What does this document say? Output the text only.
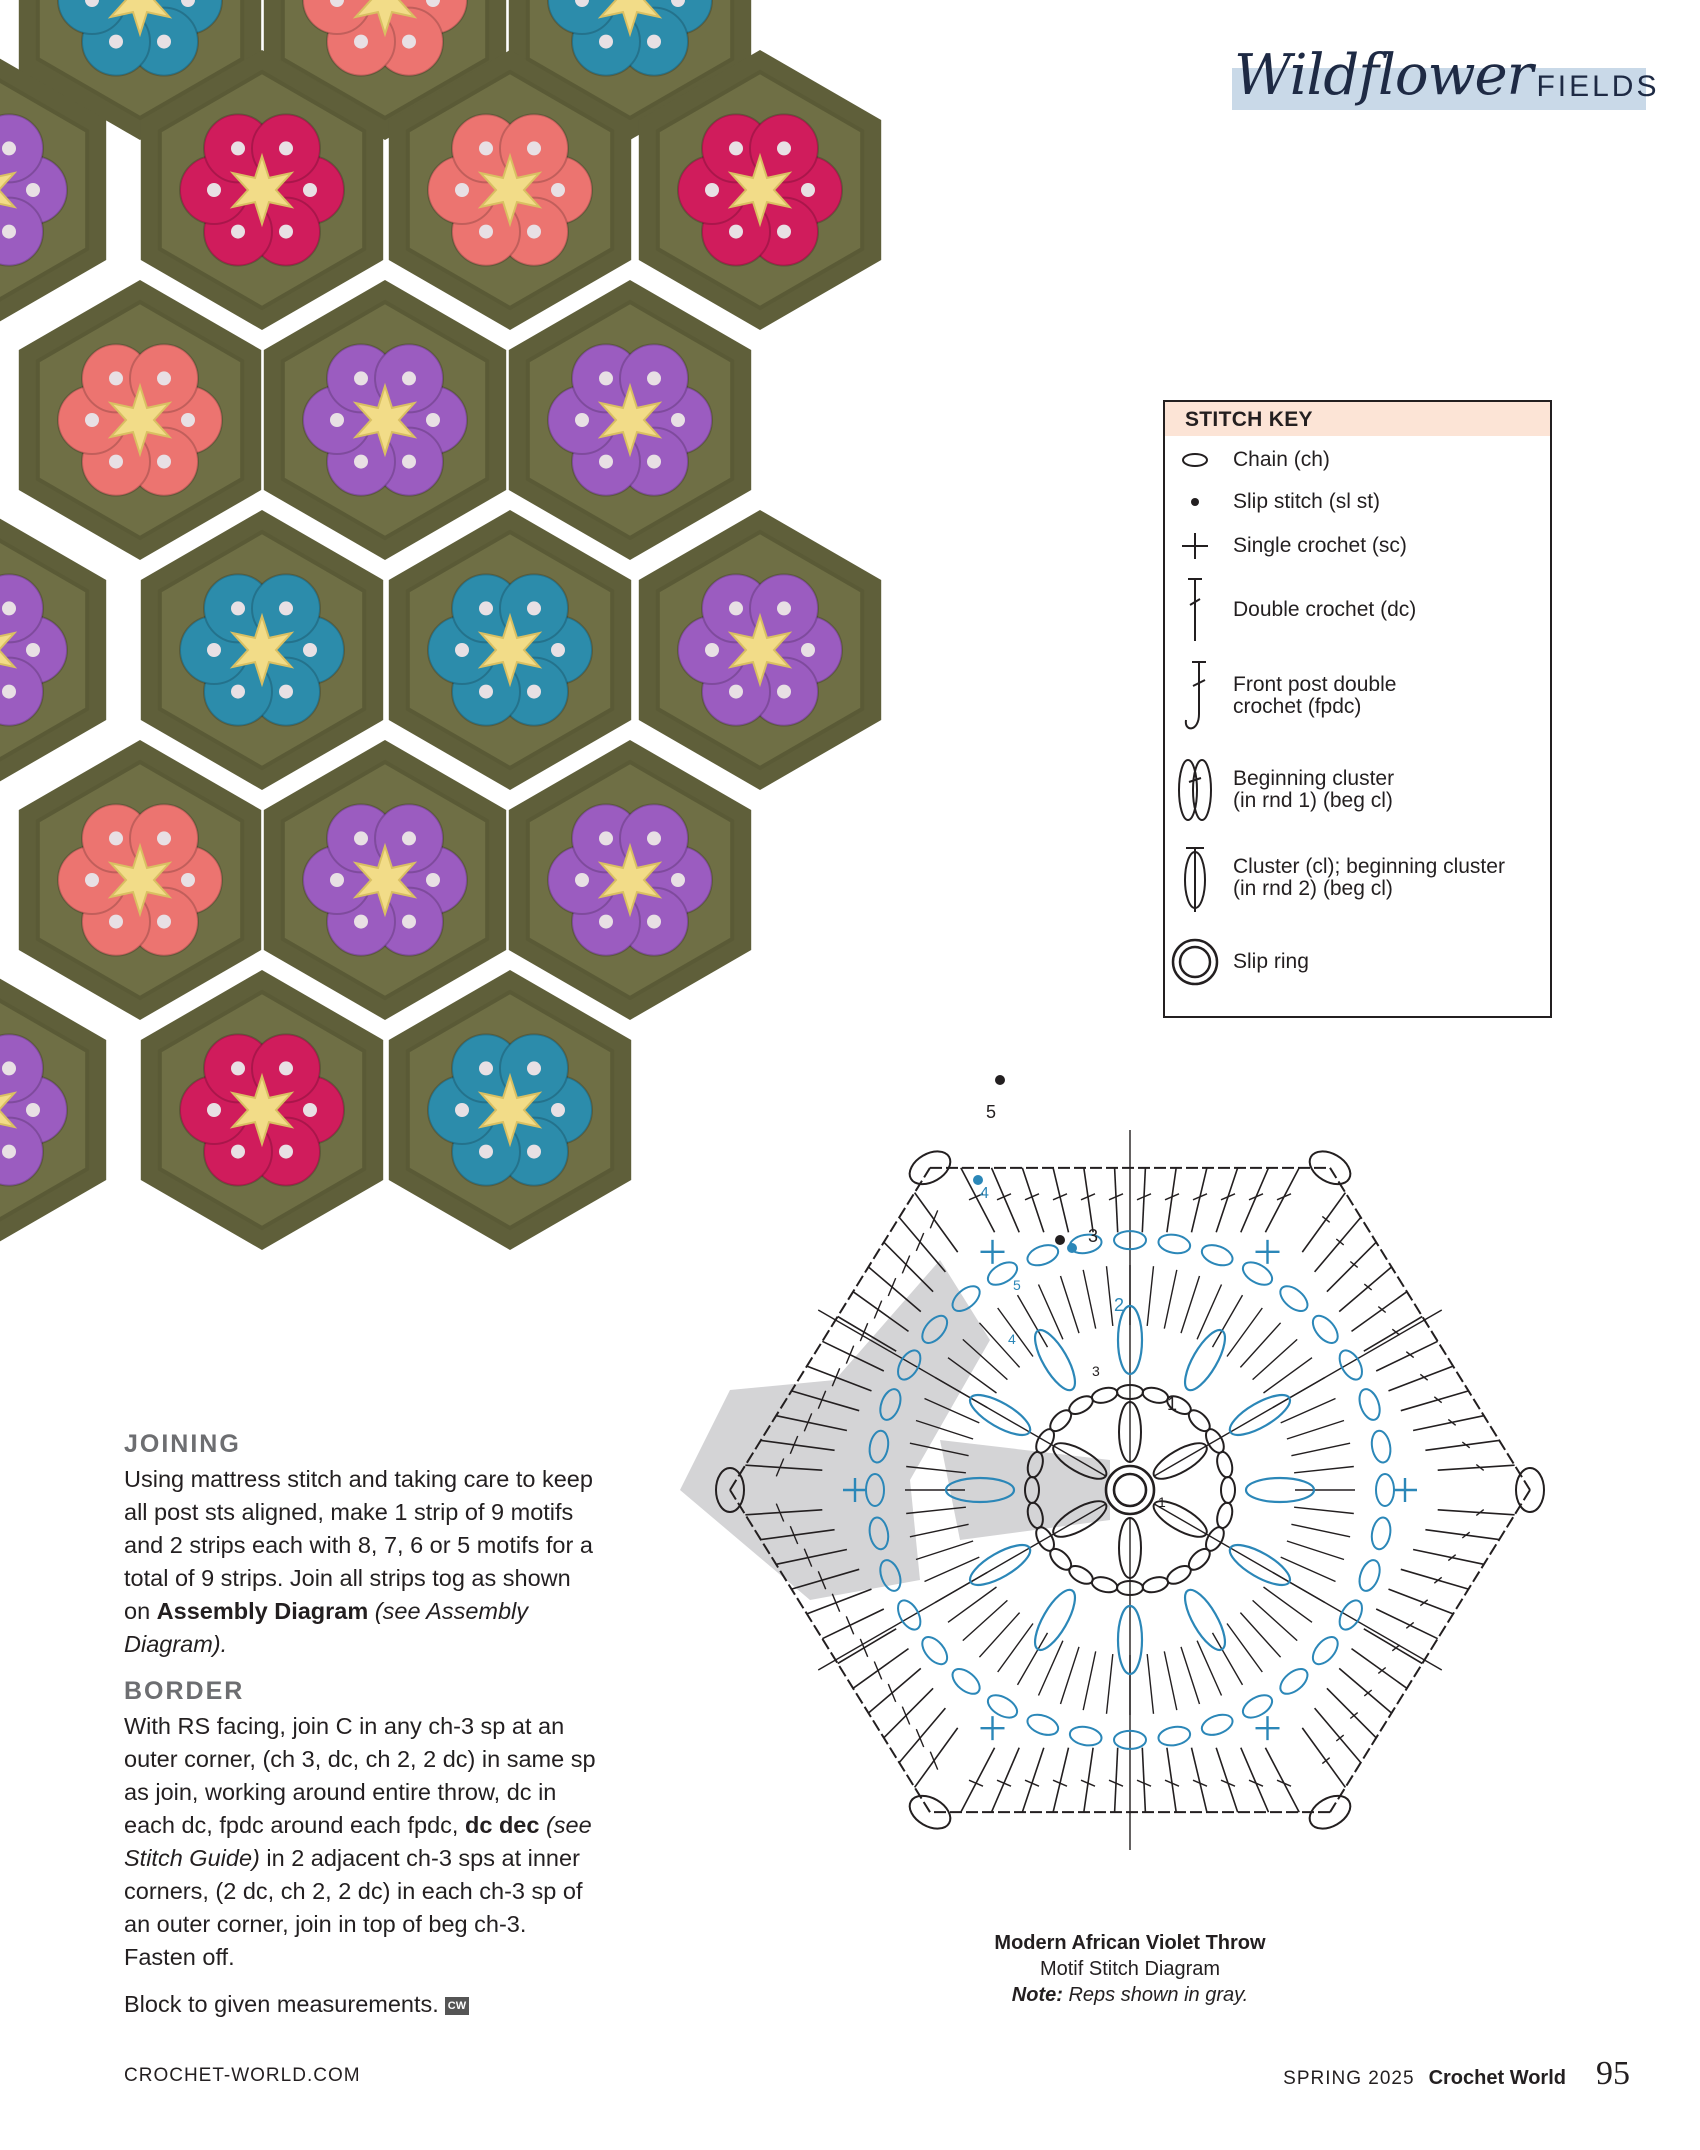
Wildflower FIELDS
STITCH KEY
Chain (ch)
Slip stitch (sl st)
Single crochet (sc)
Double crochet (dc)
Front post double
crochet (fpdc)
Beginning cluster
(in rnd 1) (beg cl)
Cluster (cl); beginning cluster
(in rnd 2) (beg cl)
Slip ring
1
2
3
4
5
1
3
4
5
Modern African Violet Throw
Motif Stitch Diagram
Note: Reps shown in gray.
JOINING

Using mattress stitch and taking care to keep all post sts aligned, make 1 strip of 9 motifs and 2 strips each with 8, 7, 6 or 5 motifs for a total of 9 strips. Join all strips tog as shown on Assembly Diagram (see Assembly Diagram).

BORDER

With RS facing, join C in any ch-3 sp at an outer corner, (ch 3, dc, ch 2, 2 dc) in same sp as join, working around entire throw, dc in each dc, fpdc around each fpdc, dc dec (see Stitch Guide) in 2 adjacent ch-3 sps at inner corners, (2 dc, ch 2, 2 dc) in each ch-3 sp of an outer corner, join in top of beg ch-3. Fasten off.

Block to given measurements. CW

CROCHET-WORLD.COM	SPRING 2025 Crochet World 95
